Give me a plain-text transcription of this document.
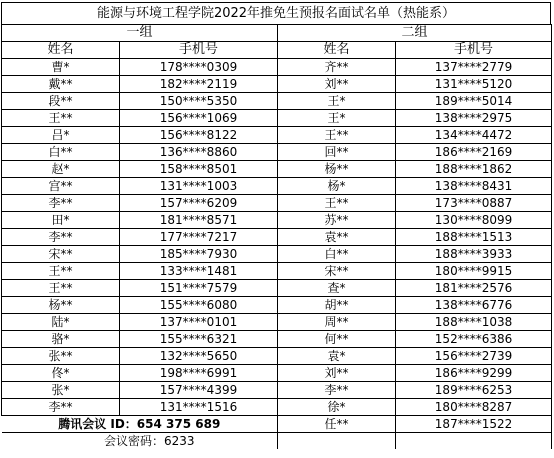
能源与环境工程学院2022年推免生预报名面试名单（热能系）
一组		二组	
姓名	手机号	姓名	手机号
曹*	178****0309	齐**	137****2779
戴**	182****2119	刘**	131****5120
段**	150****5350	王*	189****5014
王**	156****1069	王*	138****2975
吕*	156****8122	王**	134****4472
白**	136****8860	回**	186****2169
赵*	158****8501	杨**	188****1862
宫**	131****1003	杨*	138****8431
李**	157****6209	王**	173****0887
田*	181****8571	苏**	130****8099
李**	177****7217	袁**	188****1513
宋**	185****7930	白**	188****3933
王**	133****1481	宋**	180****9915
王**	151****7579	查*	181****2576
杨**	155****6080	胡**	138****6776
陆*	137****0101	周**	188****1038
骆*	155****6321	何**	152****6386
张**	132****5650	袁*	156****2739
佟*	198****6991	刘**	186****9299
张*	157****4399	李**	189****6253
李**	131****1516	徐*	180****8287
腾讯会议 ID：654 375 689		任**	187****1522
会议密码：6233			
